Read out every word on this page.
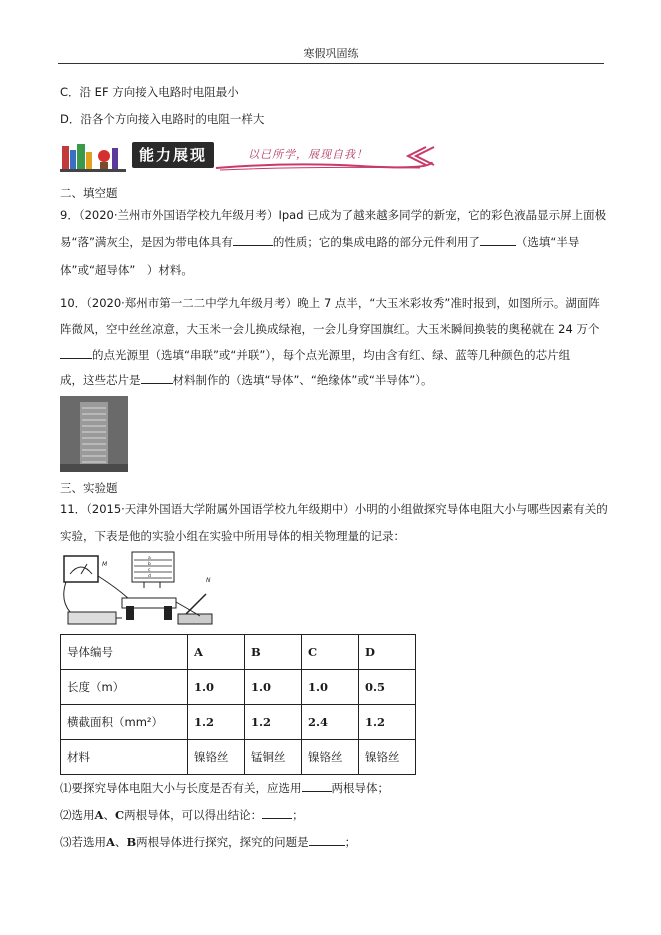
寒假巩固练
C．沿 EF 方向接入电路时电阻最小
D．沿各个方向接入电路时的电阻一样大
能力展现	以已所学，展现自我！
二、填空题
9．（2020·兰州市外国语学校九年级月考）Ipad 已成为了越来越多同学的新宠，它的彩色液晶显示屏上面极
易“落”满灰尘，是因为带电体具有	的性质；它的集成电路的部分元件利用了	（选填“半导
体”或“超导体”　）材料。
10．（2020·郑州市第一二二中学九年级月考）晚上 7 点半，“大玉米彩妆秀”准时报到，如图所示。湖面阵
阵微风，空中丝丝凉意，大玉米一会儿换成绿袍，一会儿身穿国旗红。大玉米瞬间换装的奥秘就在 24 万个
的点光源里（选填“串联”或“并联”），每个点光源里，均由含有红、绿、蓝等几种颜色的芯片组
成，这些芯片是	材料制作的（选填“导体”、“绝缘体”或“半导体”）。
三、实验题
11．（2015·天津外国语大学附属外国语学校九年级期中）小明的小组做探究导体电阻大小与哪些因素有关的
实验，下表是他的实验小组在实验中所用导体的相关物理量的记录：
M
a
b
c
d
N
导体编号	A	B	C	D
长度（m）	1.0	1.0	1.0	0.5
横截面积（mm²）	1.2	1.2	2.4	1.2
材料	镍铬丝	锰铜丝	镍铬丝	镍铬丝
⑴要探究导体电阻大小与长度是否有关，应选用	两根导体；
⑵选用A、C两根导体，可以得出结论：	；
⑶若选用A、B两根导体进行探究，探究的问题是	；
